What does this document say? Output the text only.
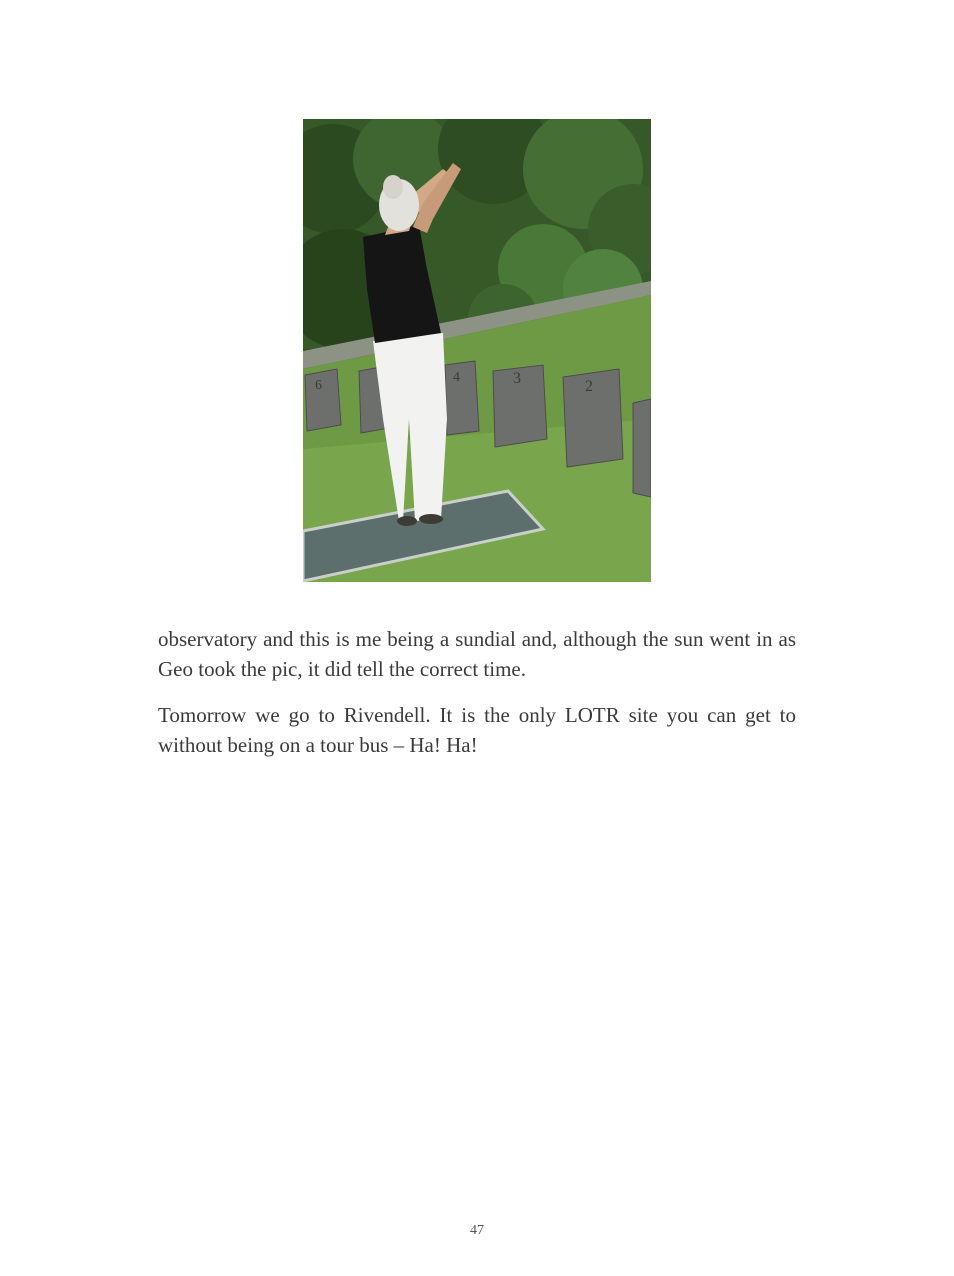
6
4	3	2

observatory and this is me being a sundial and, although the sun went in as Geo took the pic, it did tell the correct time.

Tomorrow we go to Rivendell. It is the only LOTR site you can get to without being on a tour bus – Ha! Ha!

47
